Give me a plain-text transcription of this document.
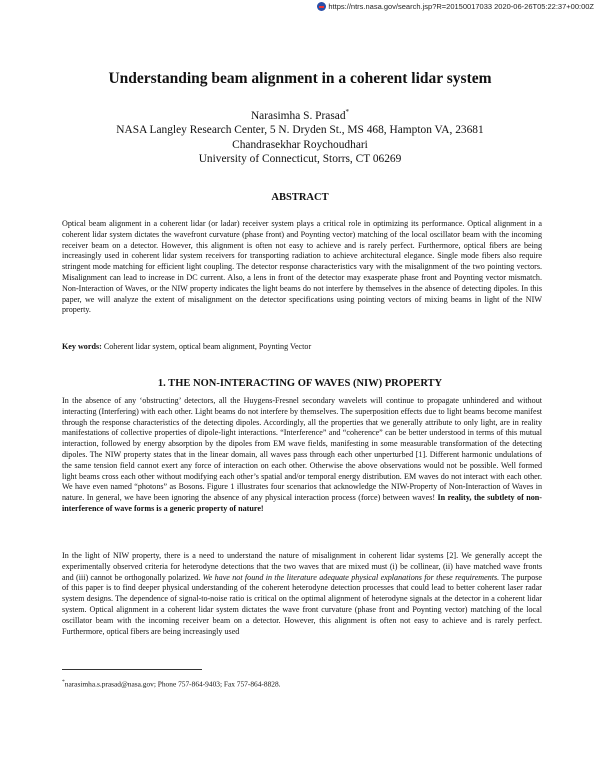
https://ntrs.nasa.gov/search.jsp?R=20150017033 2020-06-26T05:22:37+00:00Z
Understanding beam alignment in a coherent lidar system
Narasimha S. Prasad*
NASA Langley Research Center, 5 N. Dryden St., MS 468, Hampton VA, 23681
Chandrasekhar Roychoudhari
University of Connecticut, Storrs, CT 06269
ABSTRACT
Optical beam alignment in a coherent lidar (or ladar) receiver system plays a critical role in optimizing its performance. Optical alignment in a coherent lidar system dictates the wavefront curvature (phase front) and Poynting vector) matching of the local oscillator beam with the incoming receiver beam on a detector. However, this alignment is often not easy to achieve and is rarely perfect. Furthermore, optical fibers are being increasingly used in coherent lidar system receivers for transporting radiation to achieve architectural elegance. Single mode fibers also require stringent mode matching for efficient light coupling. The detector response characteristics vary with the misalignment of the two pointing vectors. Misalignment can lead to increase in DC current. Also, a lens in front of the detector may exasperate phase front and Poynting vector mismatch. Non-Interaction of Waves, or the NIW property indicates the light beams do not interfere by themselves in the absence of detecting dipoles. In this paper, we will analyze the extent of misalignment on the detector specifications using pointing vectors of mixing beams in light of the NIW property.
Key words: Coherent lidar system, optical beam alignment, Poynting Vector
1. THE NON-INTERACTING OF WAVES (NIW) PROPERTY
In the absence of any ‘obstructing’ detectors, all the Huygens-Fresnel secondary wavelets will continue to propagate unhindered and without interacting (Interfering) with each other. Light beams do not interfere by themselves. The superposition effects due to light beams become manifest through the response characteristics of the detecting dipoles. Accordingly, all the properties that we generally attribute to only light, are in reality manifestations of collective properties of dipole-light interactions. “Interference” and “coherence” can be better understood in terms of this mutual interaction, followed by energy absorption by the dipoles from EM wave fields, manifesting in some measurable transformation of the detecting dipoles. The NIW property states that in the linear domain, all waves pass through each other unperturbed [1]. Different harmonic undulations of the same tension field cannot exert any force of interaction on each other. Otherwise the above observations would not be possible. Well formed light beams cross each other without modifying each other’s spatial and/or temporal energy distribution. EM waves do not interact with each other. We have even named “photons” as Bosons. Figure 1 illustrates four scenarios that acknowledge the NIW-Property of Non-Interaction of Waves in nature. In general, we have been ignoring the absence of any physical interaction process (force) between waves! In reality, the subtlety of non-interference of wave forms is a generic property of nature!
In the light of NIW property, there is a need to understand the nature of misalignment in coherent lidar systems [2]. We generally accept the experimentally observed criteria for heterodyne detections that the two waves that are mixed must (i) be collinear, (ii) have matched wave fronts and (iii) cannot be orthogonally polarized. We have not found in the literature adequate physical explanations for these requirements. The purpose of this paper is to find deeper physical understanding of the coherent heterodyne detection processes that could lead to better coherent laser radar system designs. The dependence of signal-to-noise ratio is critical on the optimal alignment of heterodyne signals at the detector in a coherent lidar system. Optical alignment in a coherent lidar system dictates the wave front curvature (phase front and Poynting vector) matching of the local oscillator beam with the incoming receiver beam on a detector. However, this alignment is often not easy to achieve and is rarely perfect. Furthermore, optical fibers are being increasingly used
*narasimha.s.prasad@nasa.gov; Phone 757-864-9403; Fax 757-864-8828.
